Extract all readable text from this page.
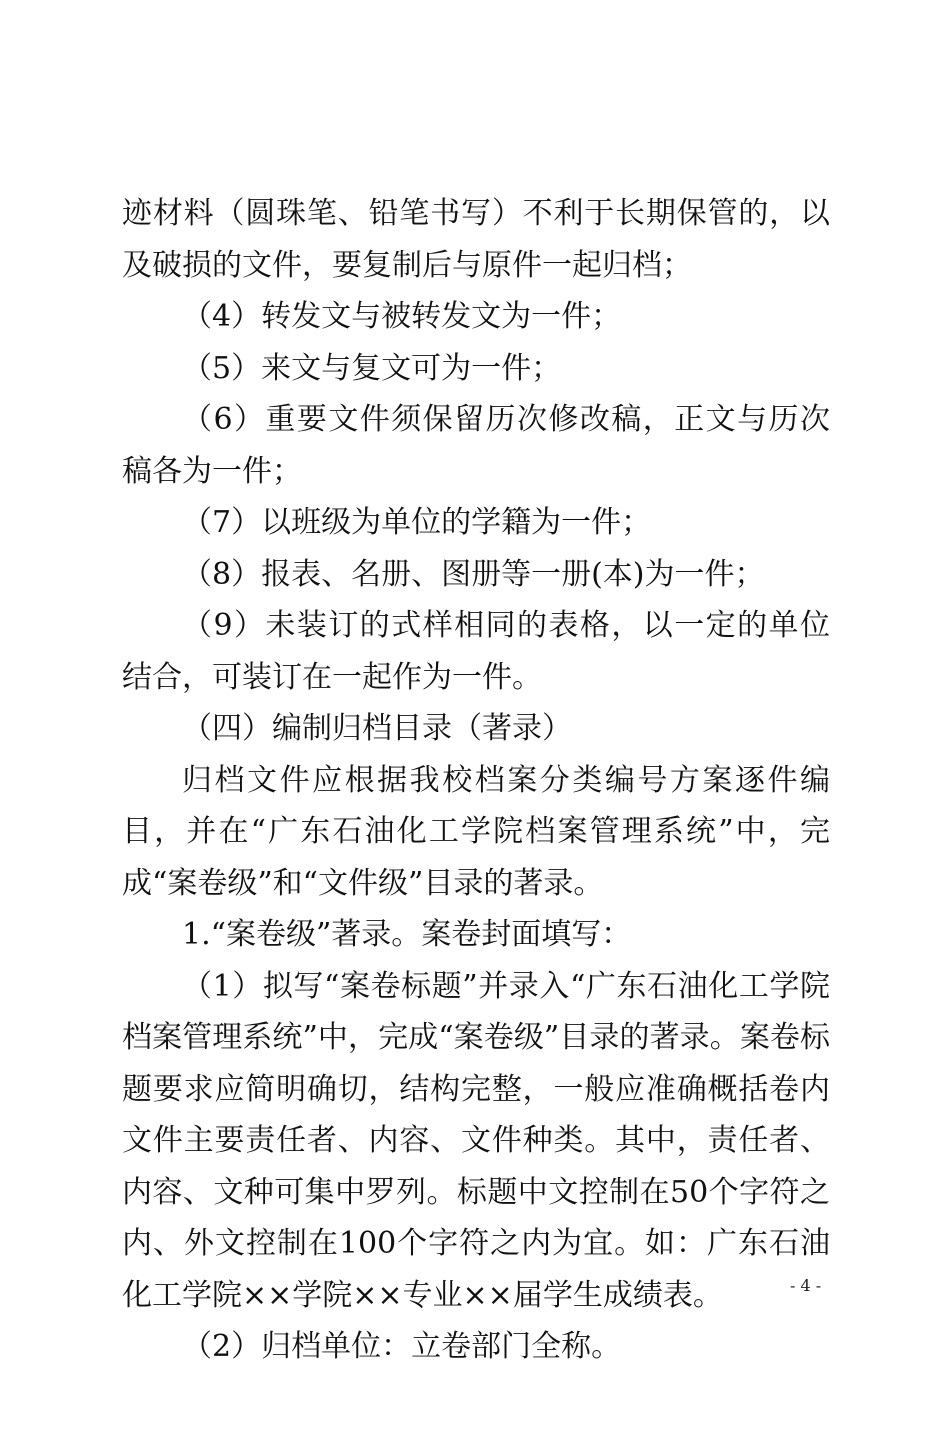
迹材料（圆珠笔、铅笔书写）不利于长期保管的，以及破损的文件，要复制后与原件一起归档；

（4）转发文与被转发文为一件；

（5）来文与复文可为一件；

（6）重要文件须保留历次修改稿，正文与历次稿各为一件；

（7）以班级为单位的学籍为一件；

（8）报表、名册、图册等一册(本)为一件；

（9）未装订的式样相同的表格，以一定的单位结合，可装订在一起作为一件。

（四）编制归档目录（著录）

归档文件应根据我校档案分类编号方案逐件编目，并在“广东石油化工学院档案管理系统”中，完成“案卷级”和“文件级”目录的著录。

1.“案卷级”著录。案卷封面填写：

（1）拟写“案卷标题”并录入“广东石油化工学院档案管理系统”中，完成“案卷级”目录的著录。案卷标题要求应简明确切，结构完整，一般应准确概括卷内文件主要责任者、内容、文件种类。其中，责任者、内容、文种可集中罗列。标题中文控制在50个字符之内、外文控制在100个字符之内为宜。如：广东石油化工学院××学院××专业××届学生成绩表。

（2）归档单位：立卷部门全称。

- 4 -
